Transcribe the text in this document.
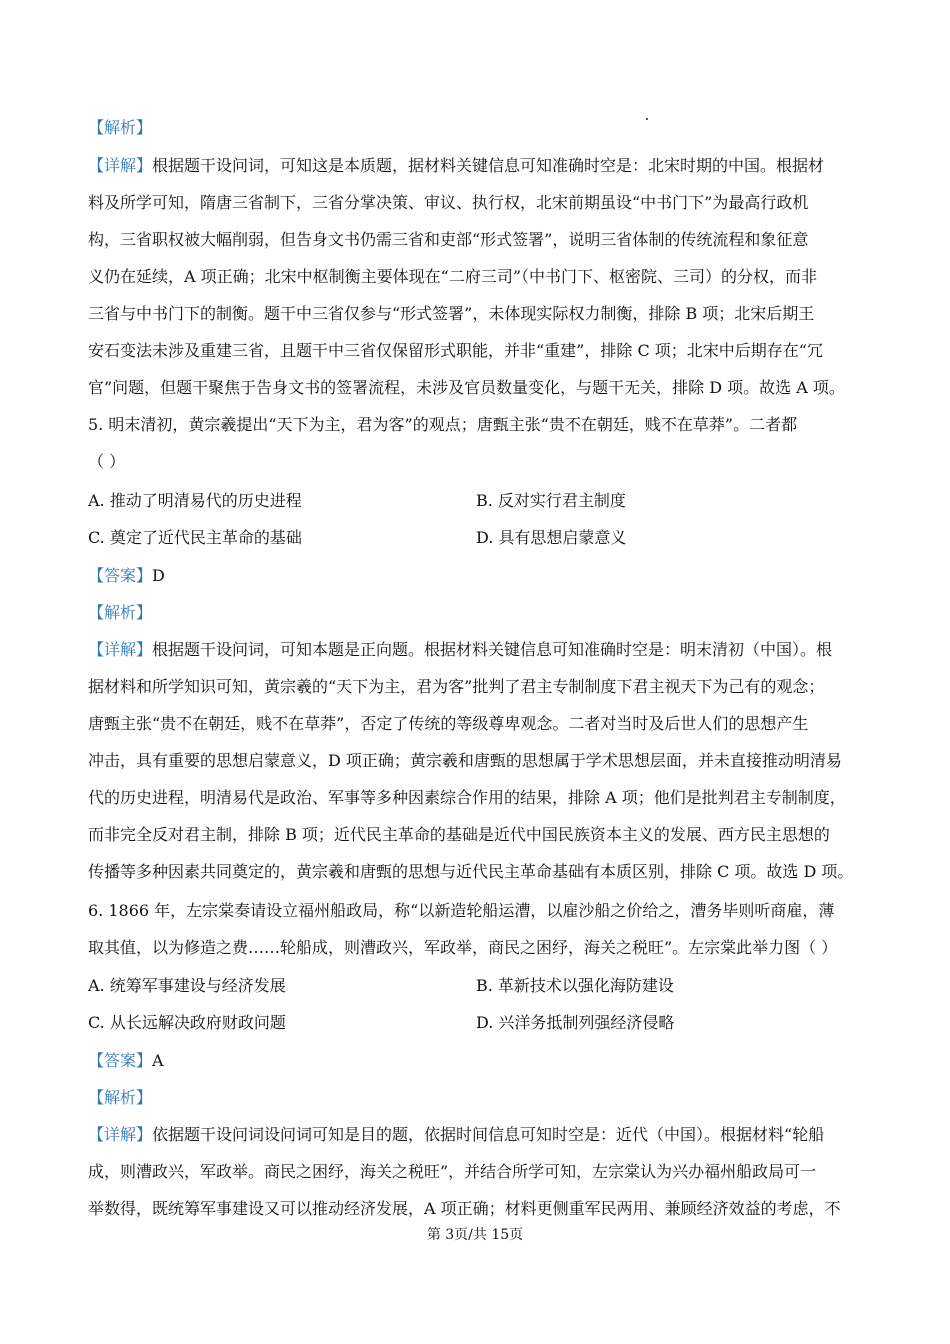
【解析】
【详解】根据题干设问词，可知这是本质题，据材料关键信息可知准确时空是：北宋时期的中国。根据材
料及所学可知，隋唐三省制下，三省分掌决策、审议、执行权，北宋前期虽设“中书门下”为最高行政机
构，三省职权被大幅削弱，但告身文书仍需三省和吏部“形式签署”，说明三省体制的传统流程和象征意
义仍在延续，A 项正确；北宋中枢制衡主要体现在“二府三司”（中书门下、枢密院、三司）的分权，而非
三省与中书门下的制衡。题干中三省仅参与“形式签署”，未体现实际权力制衡，排除 B 项；北宋后期王
安石变法未涉及重建三省，且题干中三省仅保留形式职能，并非“重建”，排除 C 项；北宋中后期存在“冗
官”问题，但题干聚焦于告身文书的签署流程，未涉及官员数量变化，与题干无关，排除 D 项。故选 A 项。
5. 明末清初，黄宗羲提出“天下为主，君为客”的观点；唐甄主张“贵不在朝廷，贱不在草莽”。二者都
（ ）
A. 推动了明清易代的历史进程	B. 反对实行君主制度
C. 奠定了近代民主革命的基础	D. 具有思想启蒙意义
【答案】D
【解析】
【详解】根据题干设问词，可知本题是正向题。根据材料关键信息可知准确时空是：明末清初（中国）。根
据材料和所学知识可知，黄宗羲的“天下为主，君为客”批判了君主专制制度下君主视天下为己有的观念；
唐甄主张“贵不在朝廷，贱不在草莽”，否定了传统的等级尊卑观念。二者对当时及后世人们的思想产生
冲击，具有重要的思想启蒙意义，D 项正确；黄宗羲和唐甄的思想属于学术思想层面，并未直接推动明清易
代的历史进程，明清易代是政治、军事等多种因素综合作用的结果，排除 A 项；他们是批判君主专制制度，
而非完全反对君主制，排除 B 项；近代民主革命的基础是近代中国民族资本主义的发展、西方民主思想的
传播等多种因素共同奠定的，黄宗羲和唐甄的思想与近代民主革命基础有本质区别，排除 C 项。故选 D 项。
6. 1866 年，左宗棠奏请设立福州船政局，称“以新造轮船运漕，以雇沙船之价给之，漕务毕则听商雇，薄
取其值，以为修造之费……轮船成，则漕政兴，军政举，商民之困纾，海关之税旺”。左宗棠此举力图（ ）
A. 统筹军事建设与经济发展	B. 革新技术以强化海防建设
C. 从长远解决政府财政问题	D. 兴洋务抵制列强经济侵略
【答案】A
【解析】
【详解】依据题干设问词设问词可知是目的题，依据时间信息可知时空是：近代（中国）。根据材料“轮船
成，则漕政兴，军政举。商民之困纾，海关之税旺”，并结合所学可知，左宗棠认为兴办福州船政局可一
举数得，既统筹军事建设又可以推动经济发展，A 项正确；材料更侧重军民两用、兼顾经济效益的考虑，不
第 3页/共 15页
